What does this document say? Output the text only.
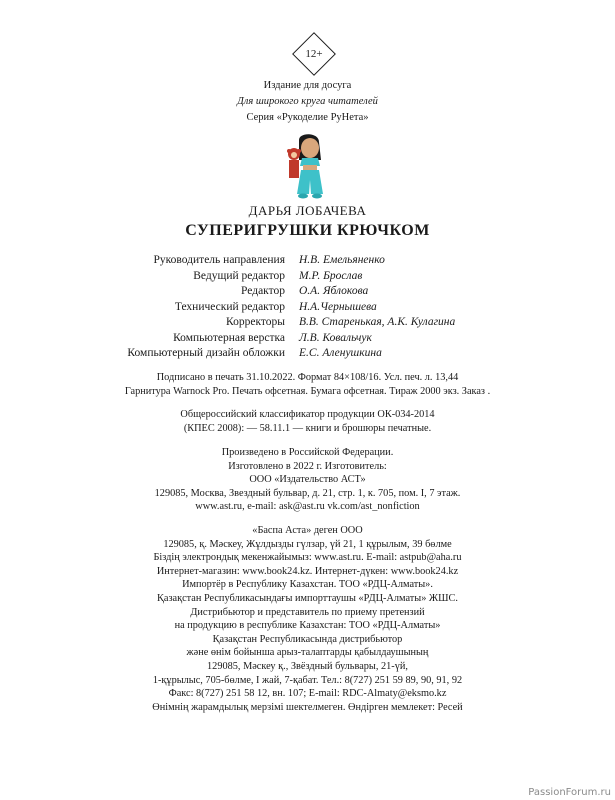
12+
Издание для досуга
Для широкого круга читателей
Серия «Рукоделие РуНета»
ДАРЬЯ ЛОБАЧЕВА
СУПЕРИГРУШКИ КРЮЧКОМ
Руководитель направления	Н.В. Емельяненко
Ведущий редактор	М.Р. Брослав
Редактор	О.А. Яблокова
Технический редактор	Н.А.Чернышева
Корректоры	В.В. Старенькая, А.К. Кулагина
Компьютерная верстка	Л.В. Ковальчук
Компьютерный дизайн обложки	Е.С. Аленушкина
Подписано в печать 31.10.2022. Формат 84×108/16. Усл. печ. л. 13,44
Гарнитура Warnock Pro. Печать офсетная. Бумага офсетная. Тираж 2000 экз. Заказ .
Общероссийский классификатор продукции ОК-034-2014
(КПЕС 2008): — 58.11.1 — книги и брошюры печатные.
Произведено в Российской Федерации.
Изготовлено в 2022 г. Изготовитель:
ООО «Издательство АСТ»
129085, Москва, Звездный бульвар, д. 21, стр. 1, к. 705, пом. I, 7 этаж.
www.ast.ru, e-mail: ask@ast.ru vk.com/ast_nonfiction
«Баспа Аста» деген ООО
129085, қ. Мәскеу, Жұлдызды гүлзар, үй 21, 1 құрылым, 39 бөлме
Біздің электрондық мекенжайымыз: www.ast.ru. E-mail: astpub@aha.ru
Интернет-магазин: www.book24.kz. Интернет-дүкен: www.book24.kz
Импортёр в Республику Казахстан. ТОО «РДЦ-Алматы».
Қазақстан Республикасындағы импорттаушы «РДЦ-Алматы» ЖШС.
Дистрибьютор и представитель по приему претензий
на продукцию в республике Казахстан: ТОО «РДЦ-Алматы»
Қазақстан Республикасында дистрибьютор
және өнім бойынша арыз-талаптарды қабылдаушының
129085, Мәскеу қ., Звёздный бульвары, 21-үй,
1-құрылыс, 705-бөлме, I жай, 7-қабат. Тел.: 8(727) 251 59 89, 90, 91, 92
Факс: 8(727) 251 58 12, вн. 107; E-mail: RDC-Almaty@eksmo.kz
Өнімнің жарамдылық мерзімі шектелмеген. Өндірген мемлекет: Ресей
PassionForum.ru
